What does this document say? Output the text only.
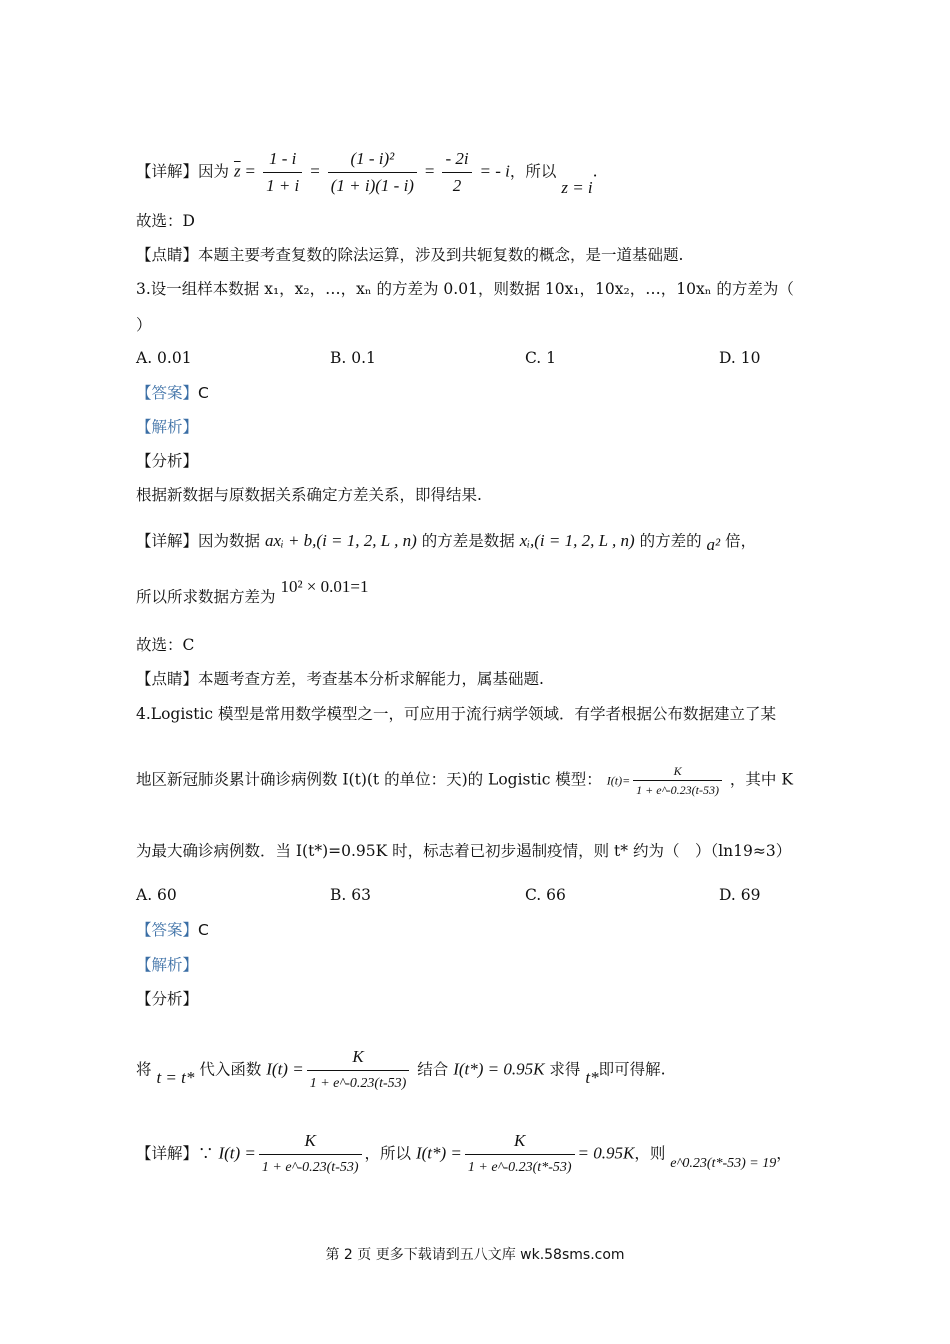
【详解】因为 $\overline{z} = \frac{1 - i}{1 + i} = \frac{\text{(1 - i)²}}{(1 + i)(1 - i)} = \frac{- 2i}{2}$ = - i，所以 z = i.
故选：D
【点睛】本题主要考查复数的除法运算，涉及到共轭复数的概念，是一道基础题.
3.设一组样本数据 x₁，x₂，…，xₙ 的方差为 0.01，则数据 10x₁，10x₂，…，10xₙ 的方差为（
）
A. 0.01	B. 0.1	C. 1	D. 10
【答案】C
【解析】
【分析】
根据新数据与原数据关系确定方差关系，即得结果.
【详解】因为数据 axᵢ + b,(i = 1, 2, L , n) 的方差是数据 xᵢ,(i = 1, 2, L , n) 的方差的 a² 倍，
所以所求数据方差为 10² × 0.01=1
故选：C
【点睛】本题考查方差，考查基本分析求解能力，属基础题.
4.Logistic 模型是常用数学模型之一，可应用于流行病学领域．有学者根据公布数据建立了某
地区新冠肺炎累计确诊病例数 I(t)(t 的单位：天)的 Logistic 模型： $I(t)= \frac{K}{1 + e\^{}-0.23(t-53)}$ ，其中 K
为最大确诊病例数．当 I(t*)=0.95K 时，标志着已初步遏制疫情，则 t* 约为（　）（ln19≈3）
A. 60	B. 63	C. 66	D. 69
【答案】C
【解析】
【分析】
将 t = t* 代入函数 $I(t) = \frac{K}{1 + e\^{}-0.23(t-53)}$ 结合 I(t*) = 0.95K 求得 t*即可得解.
【详解】∵ $I(t) = \frac{K}{1 + e\^{}-0.23(t-53)}$ ，所以 $I(t*) = \frac{K}{1 + e\^{}-0.23(t*-53)} = 0.95K$，则 e^0.23(t*-53) = 19，
第 2 页 更多下载请到五八文库 wk.58sms.com
